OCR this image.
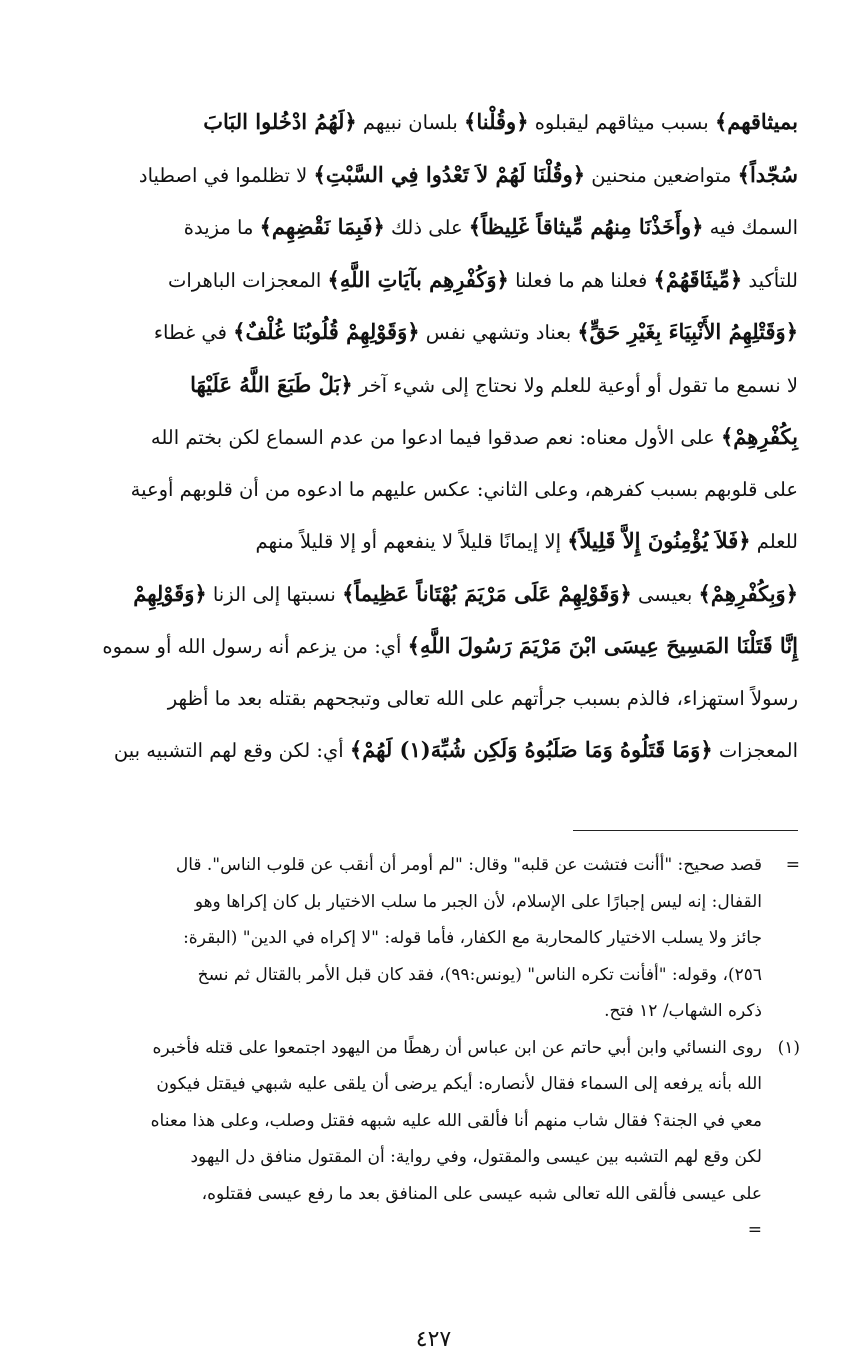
بميثاقهم﴾ بسبب ميثاقهم ليقبلوه ﴿وقُلْنا﴾ بلسان نبيهم ﴿لَهُمُ ادْخُلوا البَابَ

سُجّداً﴾ متواضعين منحنين ﴿وقُلْنَا لَهُمْ لاَ تَعْدُوا فِي السَّبْتِ﴾ لا تظلموا في اصطياد

السمك فيه ﴿وأَخَذْنَا مِنهُم مِّيثاقاً غَلِيظاً﴾ على ذلك ﴿فَبِمَا نَقْضِهِم﴾ ما مزيدة

للتأكيد ﴿مِّيثَاقَهُمْ﴾ فعلنا هم ما فعلنا ﴿وَكُفْرِهِم بآيَاتِ اللَّهِ﴾ المعجزات الباهرات

﴿وَقَتْلِهِمُ الأَنْبِيَاءَ بِغَيْرِ حَقٍّ﴾ بعناد وتشهي نفس ﴿وَقَوْلِهِمْ قُلُوبُنَا غُلْفٌ﴾ في غطاء

لا نسمع ما تقول أو أوعية للعلم ولا نحتاج إلى شيء آخر ﴿بَلْ طَبَعَ اللَّهُ عَلَيْهَا

بِكُفْرِهِمْ﴾ على الأول معناه: نعم صدقوا فيما ادعوا من عدم السماع لكن بختم الله

على قلوبهم بسبب كفرهم، وعلى الثاني: عكس عليهم ما ادعوه من أن قلوبهم أوعية

للعلم ﴿فَلاَ يُؤْمِنُونَ إِلاَّ قَلِيلاً﴾ إلا إيمانًا قليلاً لا ينفعهم أو إلا قليلاً منهم

﴿وَبِكُفْرِهِمْ﴾ بعيسى ﴿وَقَوْلِهِمْ عَلَى مَرْيَمَ بُهْتَاناً عَظِيماً﴾ نسبتها إلى الزنا ﴿وَقَوْلِهِمْ

إِنَّا قَتَلْنَا المَسِيحَ عِيسَى ابْنَ مَرْيَمَ رَسُولَ اللَّهِ﴾ أي: من يزعم أنه رسول الله أو سموه

رسولاً استهزاء، فالذم بسبب جرأتهم على الله تعالى وتبجحهم بقتله بعد ما أظهر

المعجزات ﴿وَمَا قَتَلُوهُ وَمَا صَلَبُوهُ وَلَكِن شُبِّهَ(١) لَهُمْ﴾ أي: لكن وقع لهم التشبيه بين

=
قصد صحيح: "أأنت فتشت عن قلبه" وقال: "لم أومر أن أنقب عن قلوب الناس". قال
القفال: إنه ليس إجبارًا على الإسلام، لأن الجبر ما سلب الاختيار بل كان إكراها وهو
جائز ولا يسلب الاختيار كالمحاربة مع الكفار، فأما قوله: "لا إكراه في الدين" (البقرة:
٢٥٦)، وقوله: "أفأنت تكره الناس" (يونس:٩٩)، فقد كان قبل الأمر بالقتال ثم نسخ
ذكره الشهاب/ ١٢ فتح.
(١)
روى النسائي وابن أبي حاتم عن ابن عباس أن رهطًا من اليهود اجتمعوا على قتله فأخبره
الله بأنه يرفعه إلى السماء فقال لأنصاره: أيكم يرضى أن يلقى عليه شبهي فيقتل فيكون
معي في الجنة؟ فقال شاب منهم أنا فألقى الله عليه شبهه فقتل وصلب، وعلى هذا معناه
لكن وقع لهم التشبه بين عيسى والمقتول، وفي رواية: أن المقتول منافق دل اليهود
على عيسى فألقى الله تعالى شبه عيسى على المنافق بعد ما رفع عيسى فقتلوه،
=
٤٢٧
